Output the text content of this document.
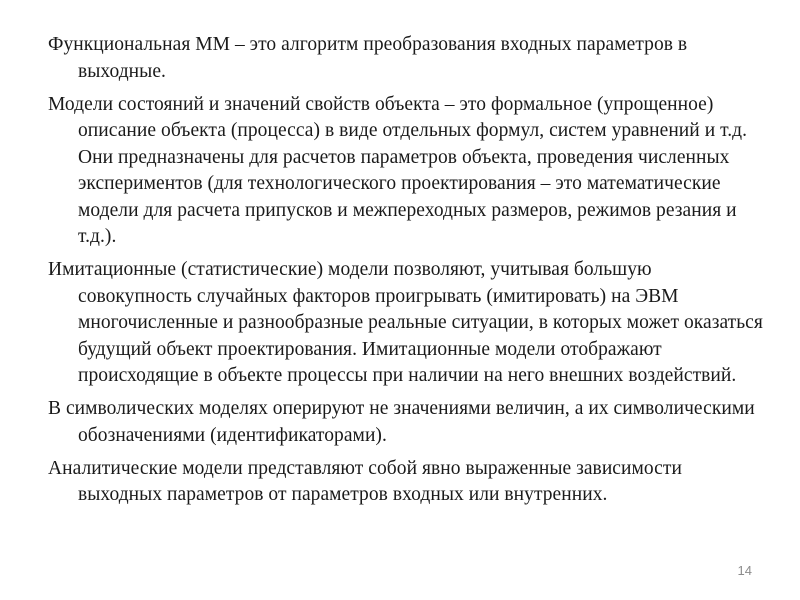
Функциональная ММ – это алгоритм преобразования входных параметров в выходные.

Модели состояний и значений свойств объекта – это формальное (упрощенное) описание объекта (процесса) в виде отдельных формул, систем уравнений и т.д. Они предназначены для расчетов параметров объекта, проведения численных экспериментов (для технологического проектирования – это математические модели для расчета припусков и межпереходных размеров, режимов резания и т.д.).

Имитационные (статистические) модели позволяют, учитывая большую совокупность случайных факторов проигрывать (имитировать) на ЭВМ многочисленные и разнообразные реальные ситуации, в которых может оказаться будущий объект проектирования. Имитационные модели отображают происходящие в объекте процессы при наличии на него внешних воздействий.

В символических моделях оперируют не значениями величин, а их символическими обозначениями (идентификаторами).

Аналитические модели представляют собой явно выраженные зависимости выходных параметров от параметров входных или внутренних.

14
